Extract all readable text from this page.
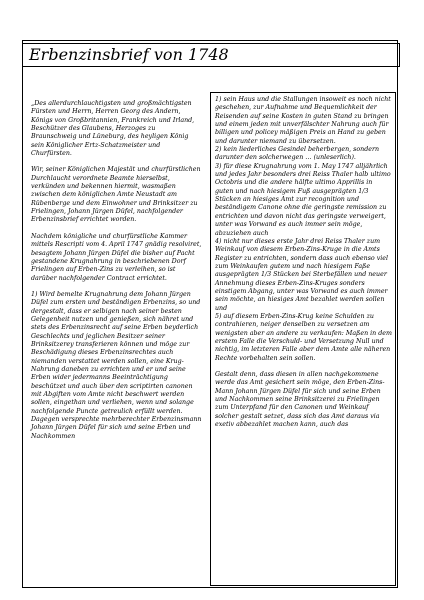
Erbenzinsbrief von 1748

„Des allerdurchlauchtigsten und großmächtigsten Fürsten und Herrn, Herren Georg des Andern, Königs von Großbritannien, Frankreich und Irland, Beschützer des Glaubens, Herzoges zu Braunschweig und Lüneburg, des heyligen König sein Königlicher Ertz-Schatzmeister und Churfürsten.

Wir, seiner Königlichen Majestät und churfürstlichen Durchlaucht verordnete Beamte hierselbst, verkünden und bekennen hiermit, wasmaßen zwischen dem königlichen Amte Neustadt am Rübenberge und dem Einwohner und Brinksitzer zu Frielingen, Johann Jürgen Düfel, nachfolgender Erbenzinsbrief errichtet worden.

Nachdem königliche und churfürstliche Kammer mittels Rescripti vom 4. April 1747 gnädig resolviret, besagtem Johann Jürgen Düfel die bisher auf Pacht gestandene Krugnahrung in beschriebenen Dorf Frielingen auf Erben-Zins zu verleihen, so ist darüber nachfolgender Contract errichtet.

1) Wird bemelte Krugnahrung dem Johann Jürgen Düfel zum ersten und beständigen Erbenzins, so und dergestalt, dass er selbigen nach seiner besten Gelegenheit nutzen und genießen, sich nähret und stets des Erbenzinsrecht auf seine Erben beyderlich Geschlechts und jeglichen Besitzer seiner Brinksitzerey transferieren können und möge zur Beschädigung dieses Erbenzinsrechtes auch niemanden verstattet werden sollen, eine Krug-Nahrung daneben zu errichten und er und seine Erben wider jedermanns Beeinträchtigung beschützet und auch über den scriptirten canonen mit Abgiften vom Amte nicht beschwert werden sollen, eingethan und verliehen, wenn und solange nachfolgende Puncte getreulich erfüllt werden. Dagegen versprechte mehrberechter Erbenzinsmann Johann Jürgen Düfel für sich und seine Erben und Nachkommen

1) sein Haus und die Stallungen insoweit es noch nicht geschehen, zur Aufnahme und Bequemlichkeit der Reisenden auf seine Kosten in guten Stand zu bringen und einem jeden mit unverfälschter Nahrung auch für billigen und policey mäßigen Preis an Hand zu geben und darunter niemand zu übersetzen.
2) kein liederliches Gesindel beherbergen, sondern darunter den solcherwegen … (unleserlich).
3) für diese Krugnahrung vom 1. May 1747 alljährlich und jedes Jahr besonders drei Reiss Thaler halb ultimo Octobris und die andere hälfte ultimo Apprillis in guten und nach hiesigem Fuß ausgeprägten 1/3 Stücken an hiesiges Amt zur recognition und beständigem Canone ohne die geringste remission zu entrichten und davon nicht das geringste verweigert, unter was Vorwand es auch immer sein möge, abzuziehen auch
4) nicht nur dieses erste Jahr drei Reiss Thaler zum Weinkauf von diesem Erben-Zins-Kruge in die Amts Register zu entrichten, sondern dass auch ebenso viel zum Weinkaufen gutem und nach hiesigem Faße ausgeprägten 1/3 Stücken bei Sterbefällen und neuer Annehmung dieses Erben-Zins-Kruges sonders einstigem Abgang, unter was Vorwand es auch immer sein möchte, an hiesiges Amt bezahlet werden sollen und
5) auf diesem Erben-Zins-Krug keine Schulden zu contrahieren, neiger denselben zu versetzen am wenigsten aber an andere zu verkaufen: Maßen in dem erstem Falle die Verschuld- und Versetzung Null und nichtig, im letzteren Falle aber dem Amte alle näheren Rechte vorbehalten sein sollen.

Gestalt denn, dass diesen in allen nachgekommene werde das Amt gesichert sein möge, den Erben-Zins-Mann Johann Jürgen Düfel für sich und seine Erben und Nachkommen seine Brinksitzerei zu Frielingen zum Unterpfand für den Canonen und Weinkauf solcher gestalt setzet, dass sich das Amt daraus via exetiv abbezahlet machen kann, auch das
